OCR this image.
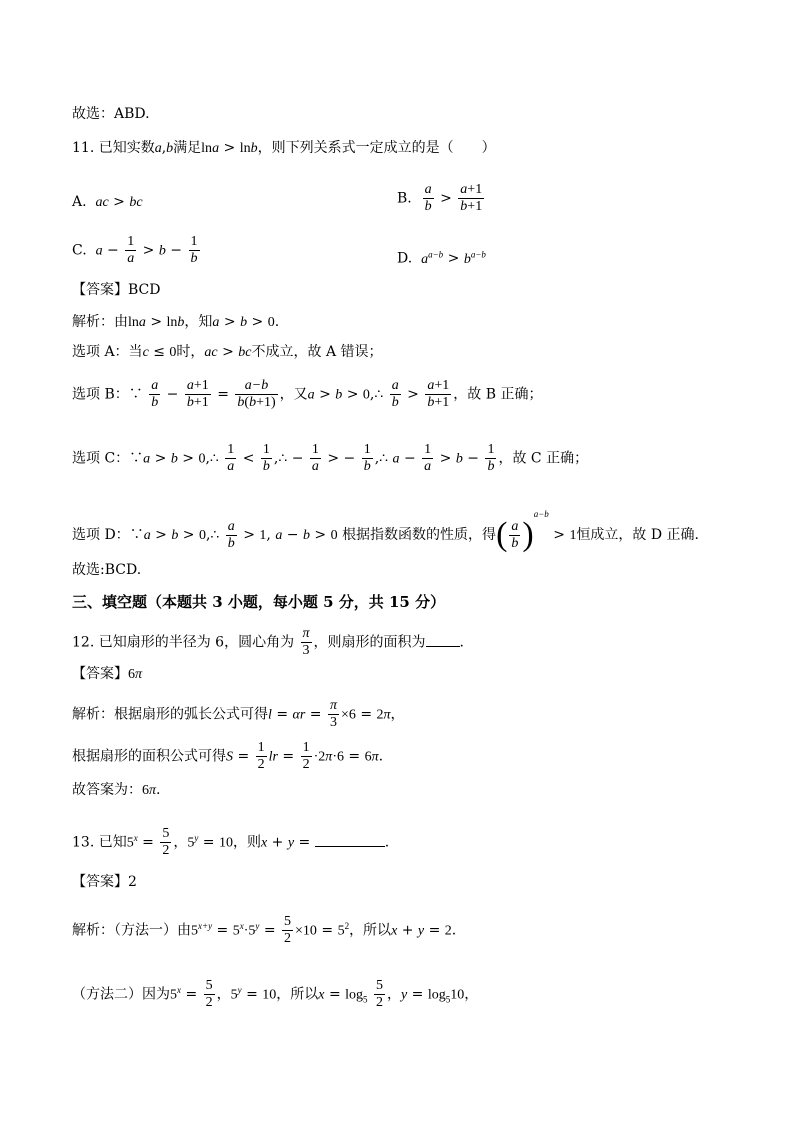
故选：ABD.
11. 已知实数a,b满足lna > lnb，则下列关系式一定成立的是（　　）
A. ac > bc	B. $\frac{a}{b} > \frac{a+1}{b+1}$
C. $a - \frac{1}{a} > b - \frac{1}{b}$	D. $a^{a-b} > b^{a-b}$
【答案】BCD
解析：由lna > lnb，知a > b > 0.
选项 A：当c ≤ 0时，ac > bc不成立，故 A 错误；
选项 B：∵ $\frac{a}{b} - \frac{a+1}{b+1} = \frac{a-b}{b(b+1)}$ ，又a > b > 0,∴ $\frac{a}{b} > \frac{a+1}{b+1}$ ，故 B 正确；
选项 C：∵a > b > 0,∴ $\frac{1}{a} < \frac{1}{b}$ ,∴ − $\frac{1}{a}$ > − $\frac{1}{b}$ ,∴ $a - \frac{1}{a} > b - \frac{1}{b}$ ，故 C 正确；
选项 D：∵a > b > 0,∴ $\frac{a}{b} > 1$, a − b > 0 根据指数函数的性质，得( $\frac{a}{b} )^{a-b} > 1$恒成立，故 D 正确.
故选:BCD.
三、填空题（本题共 3 小题，每小题 5 分，共 15 分）
12. 已知扇形的半径为 6，圆心角为 $\frac{\pi}{3}$ ，则扇形的面积为 .
【答案】6π
解析：根据扇形的弧长公式可得$l = \alpha r = \frac{\pi}{3} \times 6 = 2\pi$，
根据扇形的面积公式可得$S = \frac{1}{2}$ lr = $\frac{1}{2} \cdot 2\pi\cdot 6 = 6\pi$.
故答案为：6π.
13. 已知$5^x = \frac{5}{2}$ ，$5^y = 10$，则x + y =	.
【答案】2
解析：（方法一）由$5^{x+y} = 5^x\cdot 5^y = \frac{5}{2} \times 10 = 5^2$，所以x + y = 2.
（方法二）因为$5^x = \frac{5}{2}$ ，$5^y = 10$，所以$x = \log_5 \frac{5}{2}$ ，$y = \log_510$，
